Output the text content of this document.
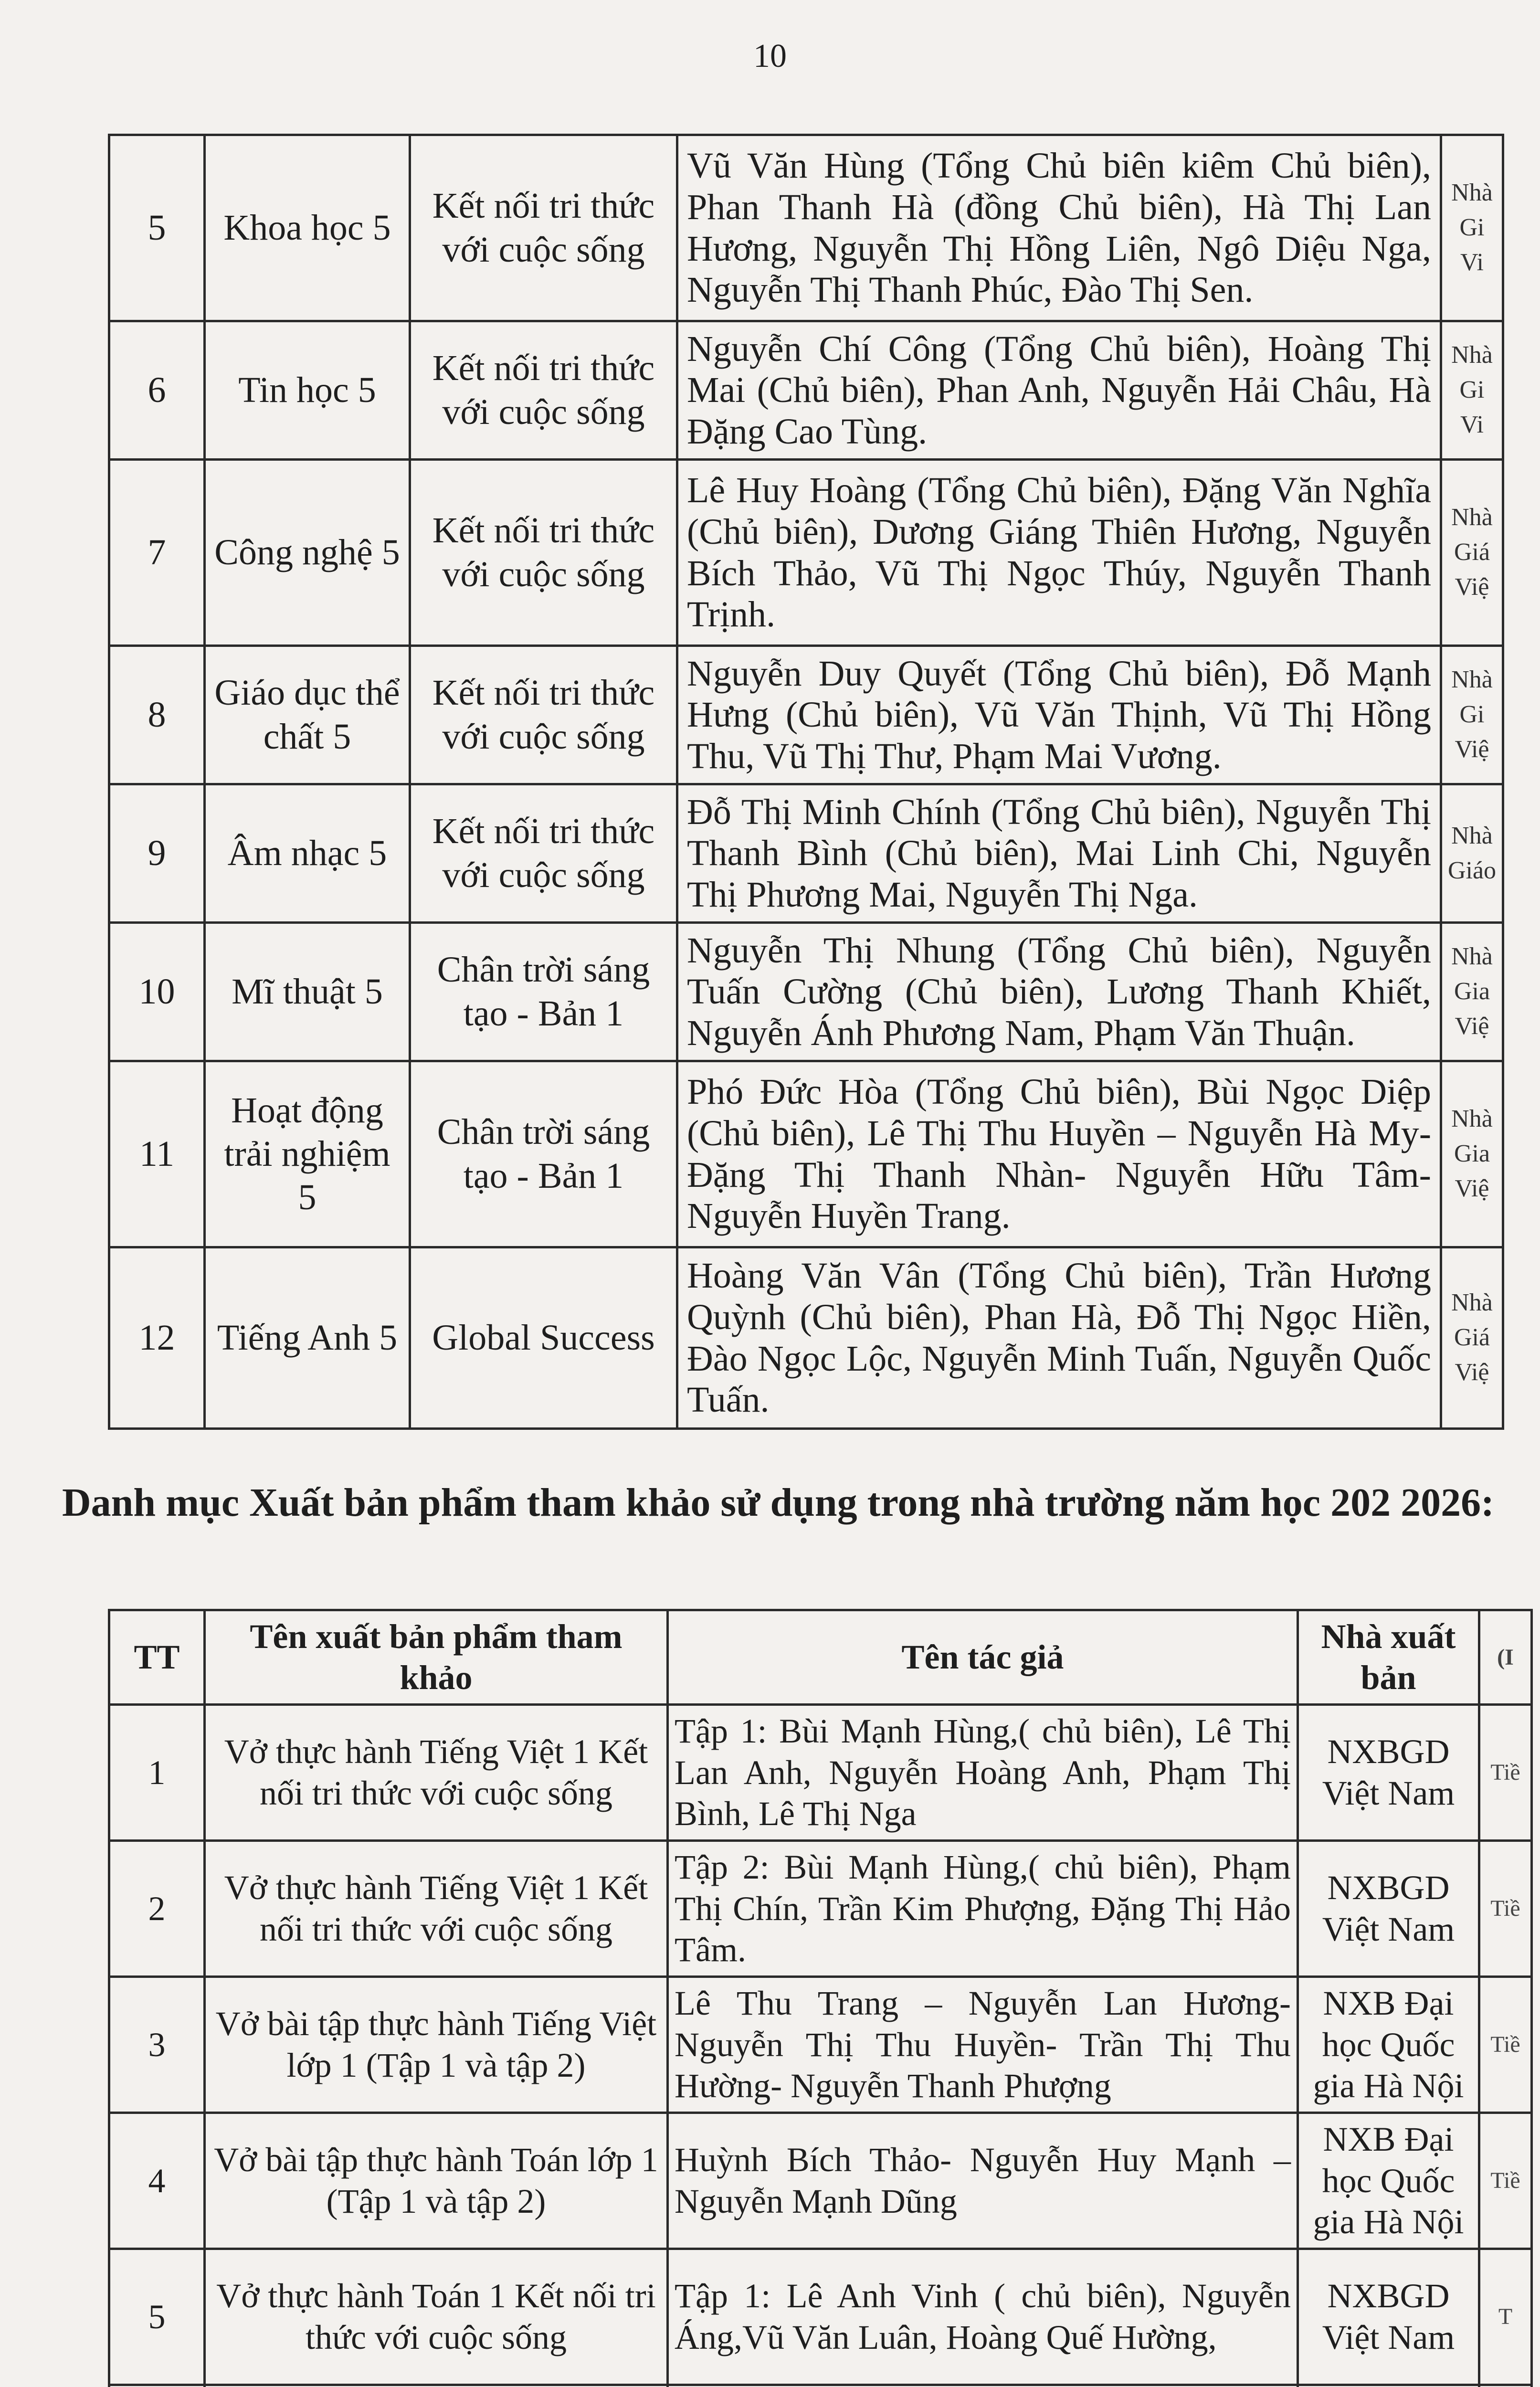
10
5	Khoa học 5	Kết nối tri thức với cuộc sống	Vũ Văn Hùng (Tổng Chủ biên kiêm Chủ biên), Phan Thanh Hà (đồng Chủ biên), Hà Thị Lan Hương, Nguyễn Thị Hồng Liên, Ngô Diệu Nga, Nguyễn Thị Thanh Phúc, Đào Thị Sen.	Nhà Gi Vi
6	Tin học 5	Kết nối tri thức với cuộc sống	Nguyễn Chí Công (Tổng Chủ biên), Hoàng Thị Mai (Chủ biên), Phan Anh, Nguyễn Hải Châu, Hà Đặng Cao Tùng.	Nhà Gi Vi
7	Công nghệ 5	Kết nối tri thức với cuộc sống	Lê Huy Hoàng (Tổng Chủ biên), Đặng Văn Nghĩa (Chủ biên), Dương Giáng Thiên Hương, Nguyễn Bích Thảo, Vũ Thị Ngọc Thúy, Nguyễn Thanh Trịnh.	Nhà Giá Việ
8	Giáo dục thể chất 5	Kết nối tri thức với cuộc sống	Nguyễn Duy Quyết (Tổng Chủ biên), Đỗ Mạnh Hưng (Chủ biên), Vũ Văn Thịnh, Vũ Thị Hồng Thu, Vũ Thị Thư, Phạm Mai Vương.	Nhà Gi Việ
9	Âm nhạc 5	Kết nối tri thức với cuộc sống	Đỗ Thị Minh Chính (Tổng Chủ biên), Nguyễn Thị Thanh Bình (Chủ biên), Mai Linh Chi, Nguyễn Thị Phương Mai, Nguyễn Thị Nga.	Nhà Giáo
10	Mĩ thuật 5	Chân trời sáng tạo - Bản 1	Nguyễn Thị Nhung (Tổng Chủ biên), Nguyễn Tuấn Cường (Chủ biên), Lương Thanh Khiết, Nguyễn Ánh Phương Nam, Phạm Văn Thuận.	Nhà Gia Việ
11	Hoạt động trải nghiệm 5	Chân trời sáng tạo - Bản 1	Phó Đức Hòa (Tổng Chủ biên), Bùi Ngọc Diệp (Chủ biên), Lê Thị Thu Huyền – Nguyễn Hà My- Đặng Thị Thanh Nhàn- Nguyễn Hữu Tâm- Nguyễn Huyền Trang.	Nhà Gia Việ
12	Tiếng Anh 5	Global Success	Hoàng Văn Vân (Tổng Chủ biên), Trần Hương Quỳnh (Chủ biên), Phan Hà, Đỗ Thị Ngọc Hiền, Đào Ngọc Lộc, Nguyễn Minh Tuấn, Nguyễn Quốc Tuấn.	Nhà Giá Việ
Danh mục Xuất bản phẩm tham khảo sử dụng trong nhà trường năm học 202 2026:
TT	Tên xuất bản phẩm tham khảo	Tên tác giả	Nhà xuất bản	(I
1	Vở thực hành Tiếng Việt 1 Kết nối tri thức với cuộc sống	Tập 1: Bùi Mạnh Hùng,( chủ biên), Lê Thị Lan Anh, Nguyễn Hoàng Anh, Phạm Thị Bình, Lê Thị Nga	NXBGD Việt Nam	Tiề
2	Vở thực hành Tiếng Việt 1 Kết nối tri thức với cuộc sống	Tập 2: Bùi Mạnh Hùng,( chủ biên), Phạm Thị Chín, Trần Kim Phượng, Đặng Thị Hảo Tâm.	NXBGD Việt Nam	Tiề
3	Vở bài tập thực hành Tiếng Việt lớp 1 (Tập 1 và tập 2)	Lê Thu Trang – Nguyễn Lan Hương- Nguyễn Thị Thu Huyền- Trần Thị Thu Hường- Nguyễn Thanh Phượng	NXB Đại học Quốc gia Hà Nội	Tiề
4	Vở bài tập thực hành Toán lớp 1 (Tập 1 và tập 2)	Huỳnh Bích Thảo- Nguyễn Huy Mạnh – Nguyễn Mạnh Dũng	NXB Đại học Quốc gia Hà Nội	Tiề
5	Vở thực hành Toán 1 Kết nối tri thức với cuộc sống	Tập 1: Lê Anh Vinh ( chủ biên), Nguyễn Áng,Vũ Văn Luân, Hoàng Quế Hường,	NXBGD Việt Nam	T
